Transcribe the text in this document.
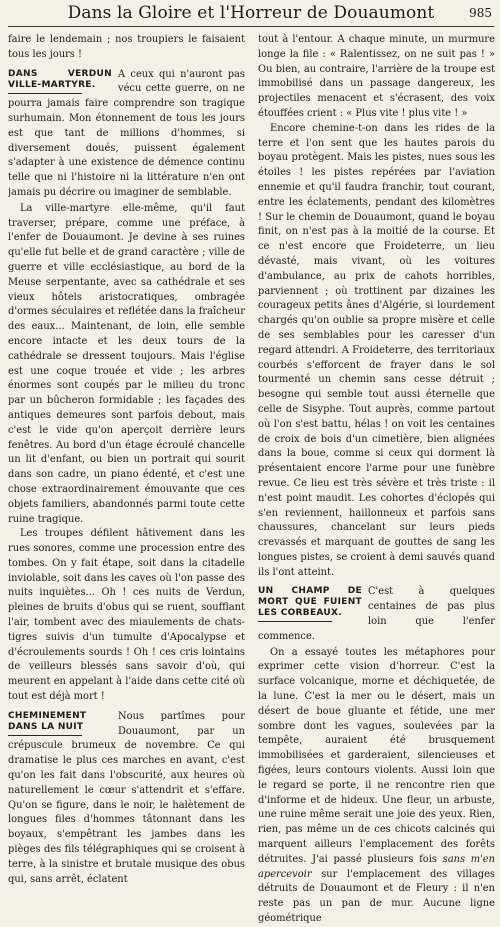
Dans la Gloire et l'Horreur de Douaumont	985

faire le lendemain ; nos troupiers le faisaient tous les jours !

DANS VERDUN VILLE-MARTYRE.

A ceux qui n'auront pas vécu cette guerre, on ne pourra jamais faire comprendre son tragique surhumain. Mon étonnement de tous les jours est que tant de millions d'hommes, si diversement doués, puissent également s'adapter à une existence de démence continu telle que ni l'histoire ni la littérature n'en ont jamais pu décrire ou imaginer de semblable.

La ville-martyre elle-même, qu'il faut traverser, prépare, comme une préface, à l'enfer de Douaumont. Je devine à ses ruines qu'elle fut belle et de grand caractère ; ville de guerre et ville ecclésiastique, au bord de la Meuse serpentante, avec sa cathédrale et ses vieux hôtels aristocratiques, ombragée d'ormes séculaires et reflétée dans la fraîcheur des eaux... Maintenant, de loin, elle semble encore intacte et les deux tours de la cathédrale se dressent toujours. Mais l'église est une coque trouée et vide ; les arbres énormes sont coupés par le milieu du tronc par un bûcheron formidable ; les façades des antiques demeures sont parfois debout, mais c'est le vide qu'on aperçoit derrière leurs fenêtres. Au bord d'un étage écroulé chancelle un lit d'enfant, ou bien un portrait qui sourit dans son cadre, un piano édenté, et c'est une chose extraordinairement émouvante que ces objets familiers, abandonnés parmi toute cette ruine tragique.

Les troupes défilent hâtivement dans les rues sonores, comme une procession entre des tombes. On y fait étape, soit dans la citadelle inviolable, soit dans les caves où l'on passe des nuits inquiètes... Oh ! ces nuits de Verdun, pleines de bruits d'obus qui se ruent, soufflant l'air, tombent avec des miaulements de chats-tigres suivis d'un tumulte d'Apocalypse et d'écroulements sourds ! Oh ! ces cris lointains de veilleurs blessés sans savoir d'où, qui meurent en appelant à l'aide dans cette cité où tout est déjà mort !

CHEMINEMENT DANS LA NUIT

Nous partîmes pour Douaumont, par un crépuscule brumeux de novembre. Ce qui dramatise le plus ces marches en avant, c'est qu'on les fait dans l'obscurité, aux heures où naturellement le cœur s'attendrit et s'effare. Qu'on se figure, dans le noir, le halètement de longues files d'hommes tâtonnant dans les boyaux, s'empêtrant les jambes dans les pièges des fils télégraphiques qui se croisent à terre, à la sinistre et brutale musique des obus qui, sans arrêt, éclatent

tout à l'entour. A chaque minute, un murmure longe la file : « Ralentissez, on ne suit pas ! » Ou bien, au contraire, l'arrière de la troupe est immobilisé dans un passage dangereux, les projectiles menacent et s'écrasent, des voix étouffées crient : « Plus vite ! plus vite ! »

Encore chemine-t-on dans les rides de la terre et l'on sent que les hautes parois du boyau protègent. Mais les pistes, nues sous les étoiles ! les pistes repérées par l'aviation ennemie et qu'il faudra franchir, tout courant, entre les éclatements, pendant des kilomètres ! Sur le chemin de Douaumont, quand le boyau finit, on n'est pas à la moitié de la course. Et ce n'est encore que Froideterre, un lieu dévasté, mais vivant, où les voitures d'ambulance, au prix de cahots horribles, parviennent ; où trottinent par dizaines les courageux petits ânes d'Algérie, si lourdement chargés qu'on oublie sa propre misère et celle de ses semblables pour les caresser d'un regard attendri. A Froideterre, des territoriaux courbés s'efforcent de frayer dans le sol tourmenté un chemin sans cesse détruit ; besogne qui semble tout aussi éternelle que celle de Sisyphe. Tout auprès, comme partout où l'on s'est battu, hélas ! on voit les centaines de croix de bois d'un cimetière, bien alignées dans la boue, comme si ceux qui dorment là présentaient encore l'arme pour une funèbre revue. Ce lieu est très sévère et très triste : il n'est point maudit. Les cohortes d'éclopés qui s'en reviennent, haillonneux et parfois sans chaussures, chancelant sur leurs pieds crevassés et marquant de gouttes de sang les longues pistes, se croient à demi sauvés quand ils l'ont atteint.

UN CHAMP DE MORT QUE FUIENT LES CORBEAUX.

C'est à quelques centaines de pas plus loin que l'enfer commence.

On a essayé toutes les métaphores pour exprimer cette vision d'horreur. C'est la surface volcanique, morne et déchiquetée, de la lune. C'est la mer ou le désert, mais un désert de boue gluante et fétide, une mer sombre dont les vagues, soulevées par la tempête, auraient été brusquement immobilisées et garderaient, silencieuses et figées, leurs contours violents. Aussi loin que le regard se porte, il ne rencontre rien que d'informe et de hideux. Une fleur, un arbuste, une ruine même serait une joie des yeux. Rien, rien, pas même un de ces chicots calcinés qui marquent ailleurs l'emplacement des forêts détruites. J'ai passé plusieurs fois sans m'en apercevoir sur l'emplacement des villages détruits de Douaumont et de Fleury : il n'en reste pas un pan de mur. Aucune ligne géométrique
